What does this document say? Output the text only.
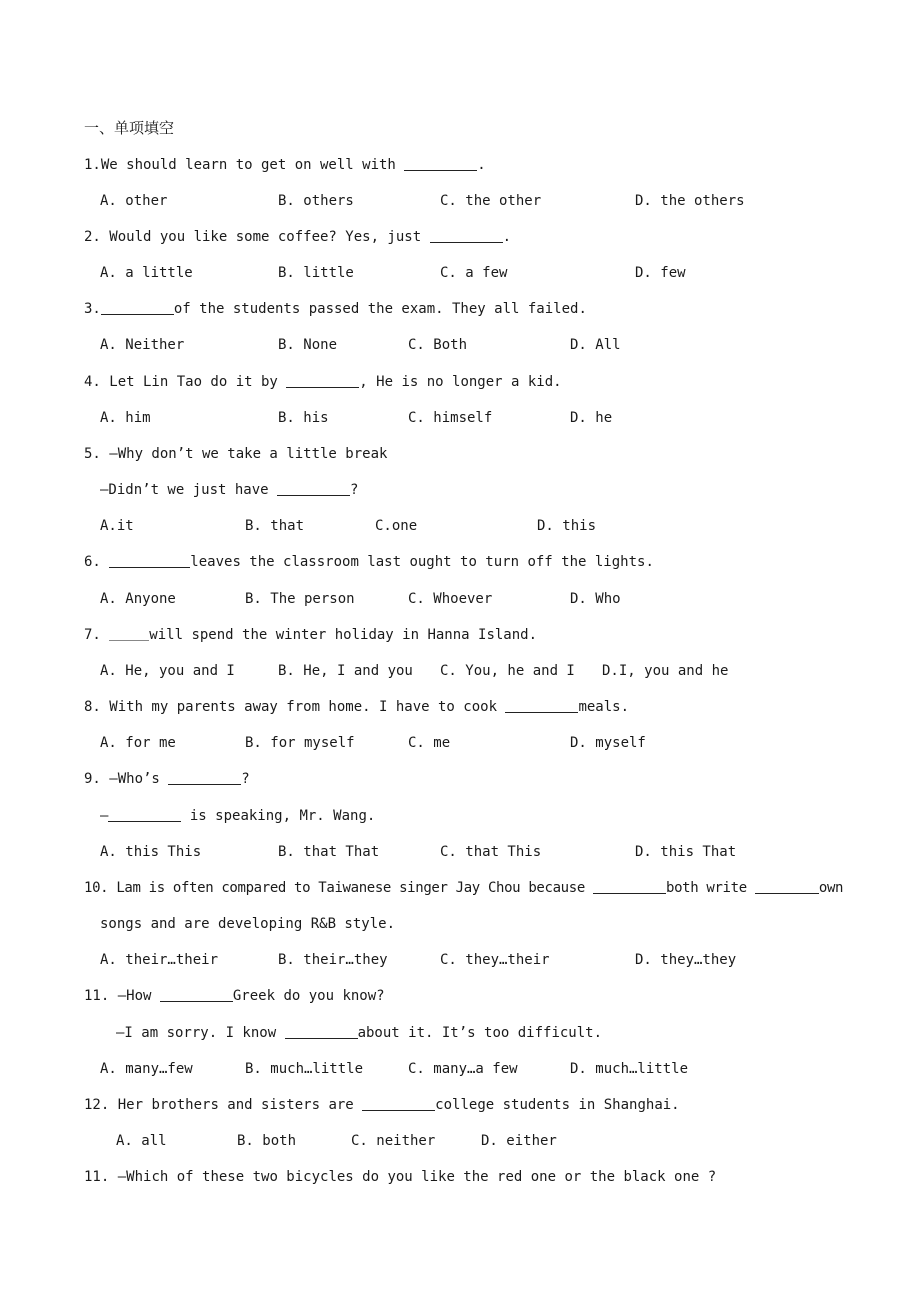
一、单项填空
1.We should learn to get on well with	.
A. other	B. others	C. the other	D. the others
2. Would you like some coffee? Yes, just	.
A. a little	B. little	C. a few	D. few
3.	of the students passed the exam. They all failed.
A. Neither	B. None	C. Both	D. All
4. Let Lin Tao do it by	, He is no longer a kid.
A. him	B. his	C. himself	D. he
5. —Why don’t we take a little break
—Didn’t we just have	?
A.it	B. that	C.one	D. this
6.	leaves the classroom last ought to turn off the lights.
A. Anyone	B. The person	C. Whoever	D. Who
7.	will spend the winter holiday in Hanna Island.
A. He, you and I	B. He, I and you C. You, he and I D.I, you and he
8. With my parents away from home. I have to cook	meals.
A. for me	B. for myself	C. me	D. myself
9. —Who’s	?
—	is speaking, Mr. Wang.
A. this This	B. that That	C. that This	D. this That
10. Lam is often compared to Taiwanese singer Jay Chou because	both write	own
songs and are developing R&B style.
A. their…their	B. their…they	C. they…their	D. they…they
11. —How	Greek do you know?
—I am sorry. I know	about it. It’s too difficult.
A. many…few	B. much…little	C. many…a few	D. much…little
12. Her brothers and sisters are	college students in Shanghai.
A. all	B. both	C. neither	D. either
11. —Which of these two bicycles do you like the red one or the black one ?
